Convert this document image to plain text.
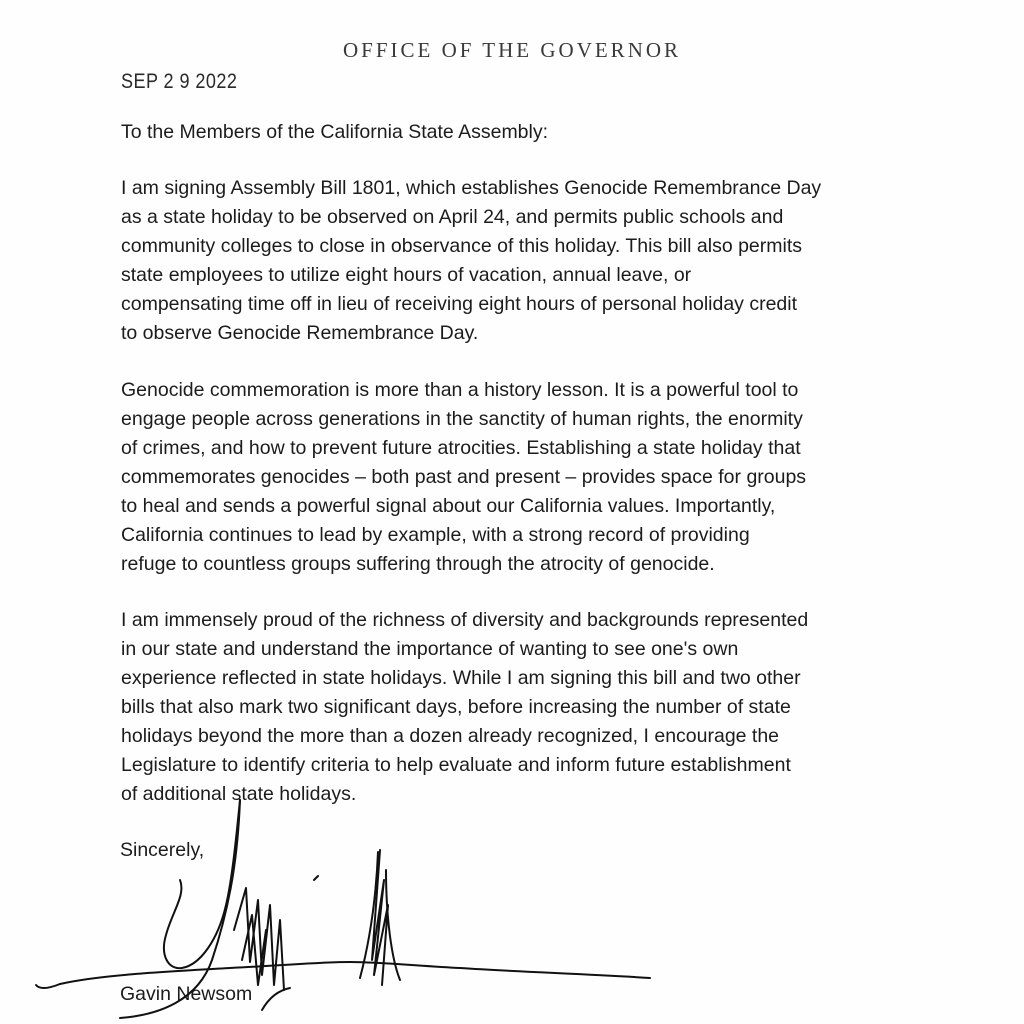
OFFICE OF THE GOVERNOR
SEP 2 9 2022
To the Members of the California State Assembly:
I am signing Assembly Bill 1801, which establishes Genocide Remembrance Day
as a state holiday to be observed on April 24, and permits public schools and
community colleges to close in observance of this holiday. This bill also permits
state employees to utilize eight hours of vacation, annual leave, or
compensating time off in lieu of receiving eight hours of personal holiday credit
to observe Genocide Remembrance Day.
Genocide commemoration is more than a history lesson. It is a powerful tool to
engage people across generations in the sanctity of human rights, the enormity
of crimes, and how to prevent future atrocities. Establishing a state holiday that
commemorates genocides – both past and present – provides space for groups
to heal and sends a powerful signal about our California values. Importantly,
California continues to lead by example, with a strong record of providing
refuge to countless groups suffering through the atrocity of genocide.
I am immensely proud of the richness of diversity and backgrounds represented
in our state and understand the importance of wanting to see one's own
experience reflected in state holidays. While I am signing this bill and two other
bills that also mark two significant days, before increasing the number of state
holidays beyond the more than a dozen already recognized, I encourage the
Legislature to identify criteria to help evaluate and inform future establishment
of additional state holidays.
Sincerely,
Gavin Newsom
